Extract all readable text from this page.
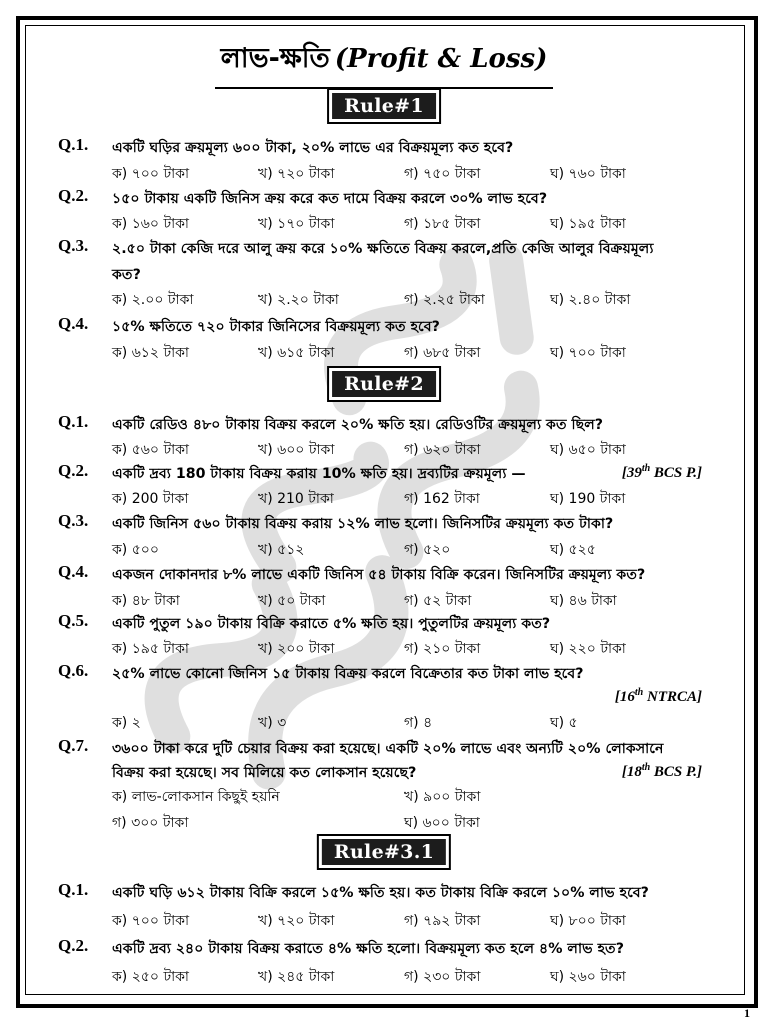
লাভ-ক্ষতি (Profit & Loss)
Rule#1
Q.1. একটি ঘড়ির ক্রয়মূল্য ৬০০ টাকা, ২০% লাভে এর বিক্রয়মূল্য কত হবে?
ক) ৭০০ টাকা	খ) ৭২০ টাকা	গ) ৭৫০ টাকা	ঘ) ৭৬০ টাকা
Q.2. ১৫০ টাকায় একটি জিনিস ক্রয় করে কত দামে বিক্রয় করলে ৩০% লাভ হবে?
ক) ১৬০ টাকা	খ) ১৭০ টাকা	গ) ১৮৫ টাকা	ঘ) ১৯৫ টাকা
Q.3. ২.৫০ টাকা কেজি দরে আলু ক্রয় করে ১০% ক্ষতিতে বিক্রয় করলে,প্রতি কেজি আলুর বিক্রয়মূল্য
কত?
ক) ২.০০ টাকা	খ) ২.২০ টাকা	গ) ২.২৫ টাকা	ঘ) ২.৪০ টাকা
Q.4. ১৫% ক্ষতিতে ৭২০ টাকার জিনিসের বিক্রয়মূল্য কত হবে?
ক) ৬১২ টাকা	খ) ৬১৫ টাকা	গ) ৬৮৫ টাকা	ঘ) ৭০০ টাকা
Rule#2
Q.1. একটি রেডিও ৪৮০ টাকায় বিক্রয় করলে ২০% ক্ষতি হয়। রেডিওটির ক্রয়মূল্য কত ছিল?
ক) ৫৬০ টাকা	খ) ৬০০ টাকা	গ) ৬২০ টাকা	ঘ) ৬৫০ টাকা
Q.2. একটি দ্রব্য 180 টাকায় বিক্রয় করায় 10% ক্ষতি হয়। দ্রব্যটির ক্রয়মূল্য —	[39th BCS P.]
ক) 200 টাকা	খ) 210 টাকা	গ) 162 টাকা	ঘ) 190 টাকা
Q.3. একটি জিনিস ৫৬০ টাকায় বিক্রয় করায় ১২% লাভ হলো। জিনিসটির ক্রয়মূল্য কত টাকা?
ক) ৫০০	খ) ৫১২	গ) ৫২০	ঘ) ৫২৫
Q.4. একজন দোকানদার ৮% লাভে একটি জিনিস ৫৪ টাকায় বিক্রি করেন। জিনিসটির ক্রয়মূল্য কত?
ক) ৪৮ টাকা	খ) ৫০ টাকা	গ) ৫২ টাকা	ঘ) ৪৬ টাকা
Q.5. একটি পুতুল ১৯০ টাকায় বিক্রি করাতে ৫% ক্ষতি হয়। পুতুলটির ক্রয়মূল্য কত?
ক) ১৯৫ টাকা	খ) ২০০ টাকা	গ) ২১০ টাকা	ঘ) ২২০ টাকা
Q.6. ২৫% লাভে কোনো জিনিস ১৫ টাকায় বিক্রয় করলে বিক্রেতার কত টাকা লাভ হবে?
[16th NTRCA]
ক) ২	খ) ৩	গ) ৪	ঘ) ৫
Q.7. ৩৬০০ টাকা করে দুটি চেয়ার বিক্রয় করা হয়েছে। একটি ২০% লাভে এবং অন্যটি ২০% লোকসানে
বিক্রয় করা হয়েছে। সব মিলিয়ে কত লোকসান হয়েছে?	[18th BCS P.]
ক) লাভ-লোকসান কিছুই হয়নি	খ) ৯০০ টাকা
গ) ৩০০ টাকা	ঘ) ৬০০ টাকা
Rule#3.1
Q.1. একটি ঘড়ি ৬১২ টাকায় বিক্রি করলে ১৫% ক্ষতি হয়। কত টাকায় বিক্রি করলে ১০% লাভ হবে?
ক) ৭০০ টাকা	খ) ৭২০ টাকা	গ) ৭৯২ টাকা	ঘ) ৮০০ টাকা
Q.2. একটি দ্রব্য ২৪০ টাকায় বিক্রয় করাতে ৪% ক্ষতি হলো। বিক্রয়মূল্য কত হলে ৪% লাভ হত?
ক) ২৫০ টাকা	খ) ২৪৫ টাকা	গ) ২৩০ টাকা	ঘ) ২৬০ টাকা
1
